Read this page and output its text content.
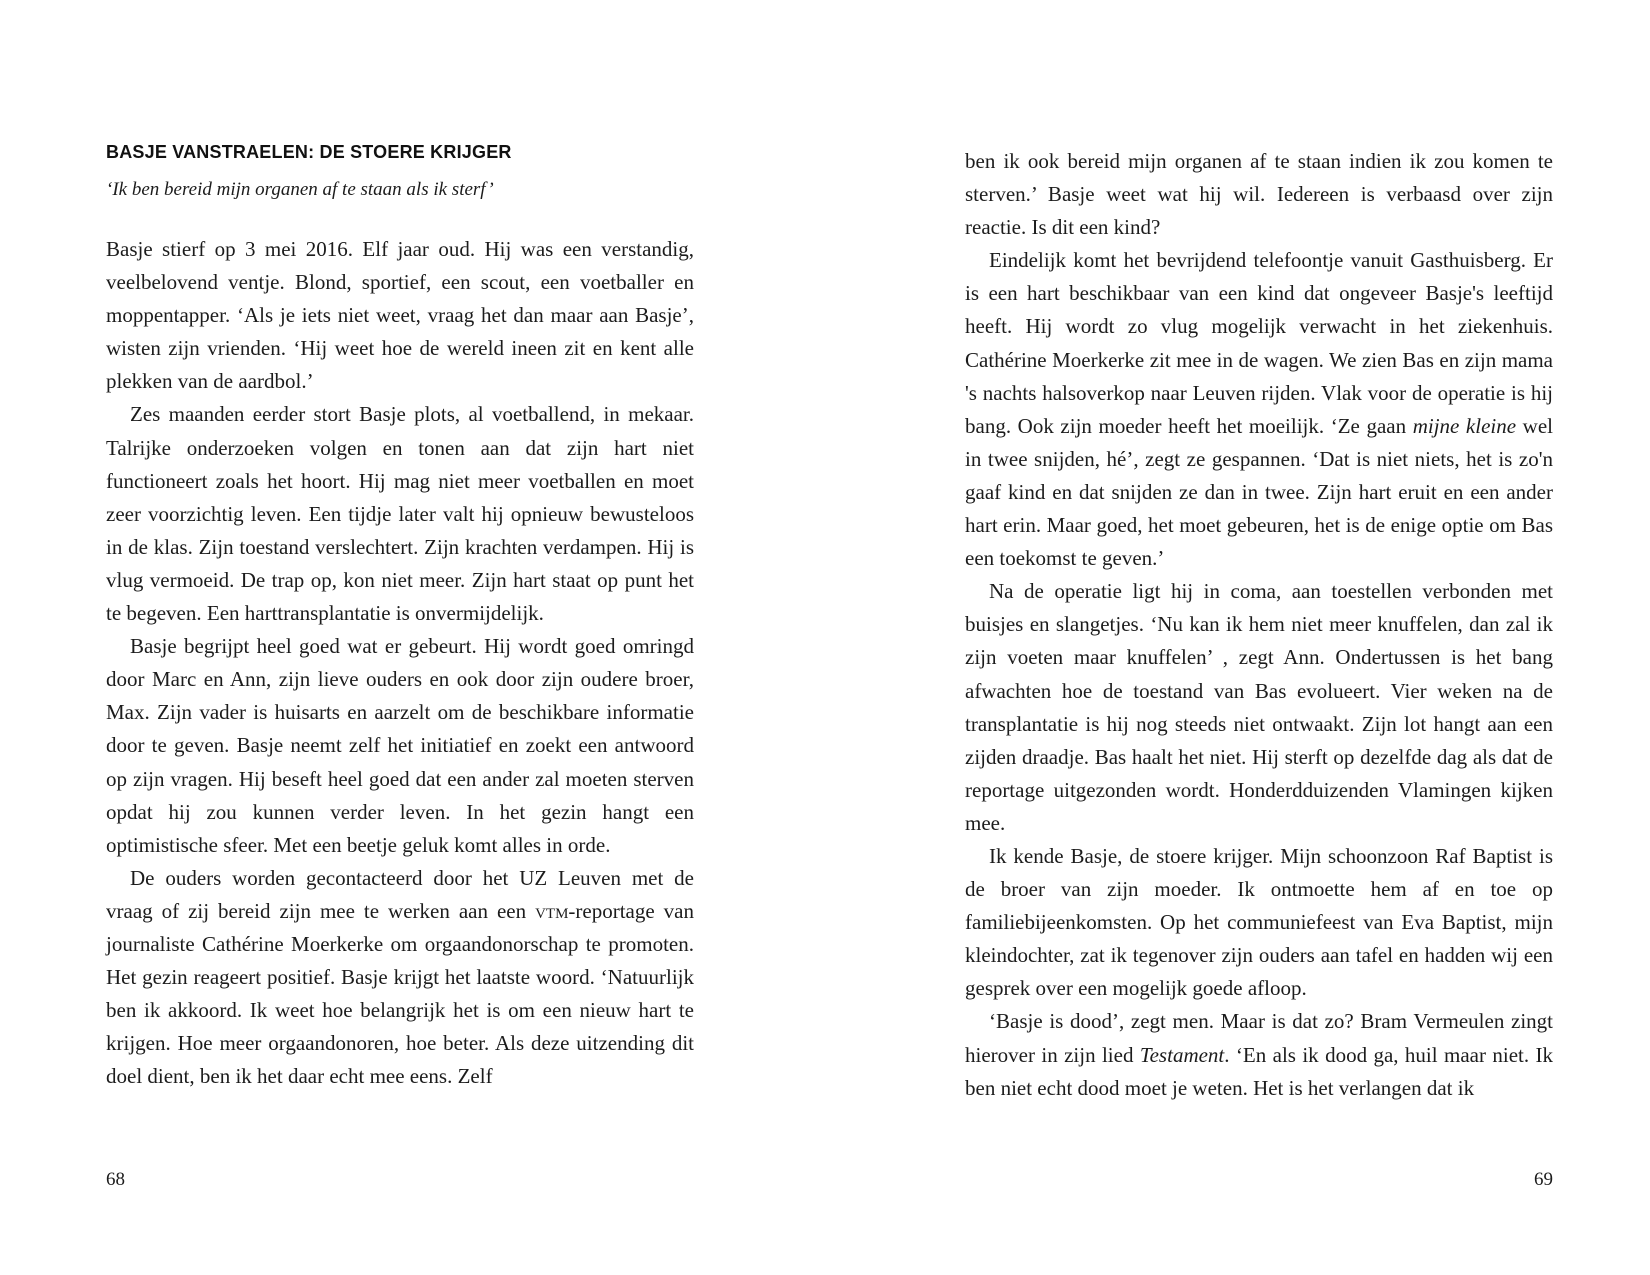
BASJE VANSTRAELEN: DE STOERE KRIJGER

‘Ik ben bereid mijn organen af te staan als ik sterf’

Basje stierf op 3 mei 2016. Elf jaar oud. Hij was een verstandig, veelbelovend ventje. Blond, sportief, een scout, een voetballer en moppentapper. ‘Als je iets niet weet, vraag het dan maar aan Basje’, wisten zijn vrienden. ‘Hij weet hoe de wereld ineen zit en kent alle plekken van de aardbol.’

Zes maanden eerder stort Basje plots, al voetballend, in mekaar. Talrijke onderzoeken volgen en tonen aan dat zijn hart niet functioneert zoals het hoort. Hij mag niet meer voetballen en moet zeer voorzichtig leven. Een tijdje later valt hij opnieuw bewusteloos in de klas. Zijn toestand verslechtert. Zijn krachten verdampen. Hij is vlug vermoeid. De trap op, kon niet meer. Zijn hart staat op punt het te begeven. Een harttransplantatie is onvermijdelijk.

Basje begrijpt heel goed wat er gebeurt. Hij wordt goed omringd door Marc en Ann, zijn lieve ouders en ook door zijn oudere broer, Max. Zijn vader is huisarts en aarzelt om de beschikbare informatie door te geven. Basje neemt zelf het initiatief en zoekt een antwoord op zijn vragen. Hij beseft heel goed dat een ander zal moeten sterven opdat hij zou kunnen verder leven. In het gezin hangt een optimistische sfeer. Met een beetje geluk komt alles in orde.

De ouders worden gecontacteerd door het UZ Leuven met de vraag of zij bereid zijn mee te werken aan een vtm-reportage van journaliste Cathérine Moerkerke om orgaandonorschap te promoten. Het gezin reageert positief. Basje krijgt het laatste woord. ‘Natuurlijk ben ik akkoord. Ik weet hoe belangrijk het is om een nieuw hart te krijgen. Hoe meer orgaandonoren, hoe beter. Als deze uitzending dit doel dient, ben ik het daar echt mee eens. Zelf

68

ben ik ook bereid mijn organen af te staan indien ik zou komen te sterven.’ Basje weet wat hij wil. Iedereen is verbaasd over zijn reactie. Is dit een kind?

Eindelijk komt het bevrijdend telefoontje vanuit Gasthuisberg. Er is een hart beschikbaar van een kind dat ongeveer Basje's leeftijd heeft. Hij wordt zo vlug mogelijk verwacht in het ziekenhuis. Cathérine Moerkerke zit mee in de wagen. We zien Bas en zijn mama 's nachts halsoverkop naar Leuven rijden. Vlak voor de operatie is hij bang. Ook zijn moeder heeft het moeilijk. ‘Ze gaan mijne kleine wel in twee snijden, hé’, zegt ze gespannen. ‘Dat is niet niets, het is zo'n gaaf kind en dat snijden ze dan in twee. Zijn hart eruit en een ander hart erin. Maar goed, het moet gebeuren, het is de enige optie om Bas een toekomst te geven.’

Na de operatie ligt hij in coma, aan toestellen verbonden met buisjes en slangetjes. ‘Nu kan ik hem niet meer knuffelen, dan zal ik zijn voeten maar knuffelen’ , zegt Ann. Ondertussen is het bang afwachten hoe de toestand van Bas evolueert. Vier weken na de transplantatie is hij nog steeds niet ontwaakt. Zijn lot hangt aan een zijden draadje. Bas haalt het niet. Hij sterft op dezelfde dag als dat de reportage uitgezonden wordt. Honderdduizenden Vlamingen kijken mee.

Ik kende Basje, de stoere krijger. Mijn schoonzoon Raf Baptist is de broer van zijn moeder. Ik ontmoette hem af en toe op familiebijeenkomsten. Op het communiefeest van Eva Baptist, mijn kleindochter, zat ik tegenover zijn ouders aan tafel en hadden wij een gesprek over een mogelijk goede afloop.

‘Basje is dood’, zegt men. Maar is dat zo? Bram Vermeulen zingt hierover in zijn lied Testament. ‘En als ik dood ga, huil maar niet. Ik ben niet echt dood moet je weten. Het is het verlangen dat ik

69
